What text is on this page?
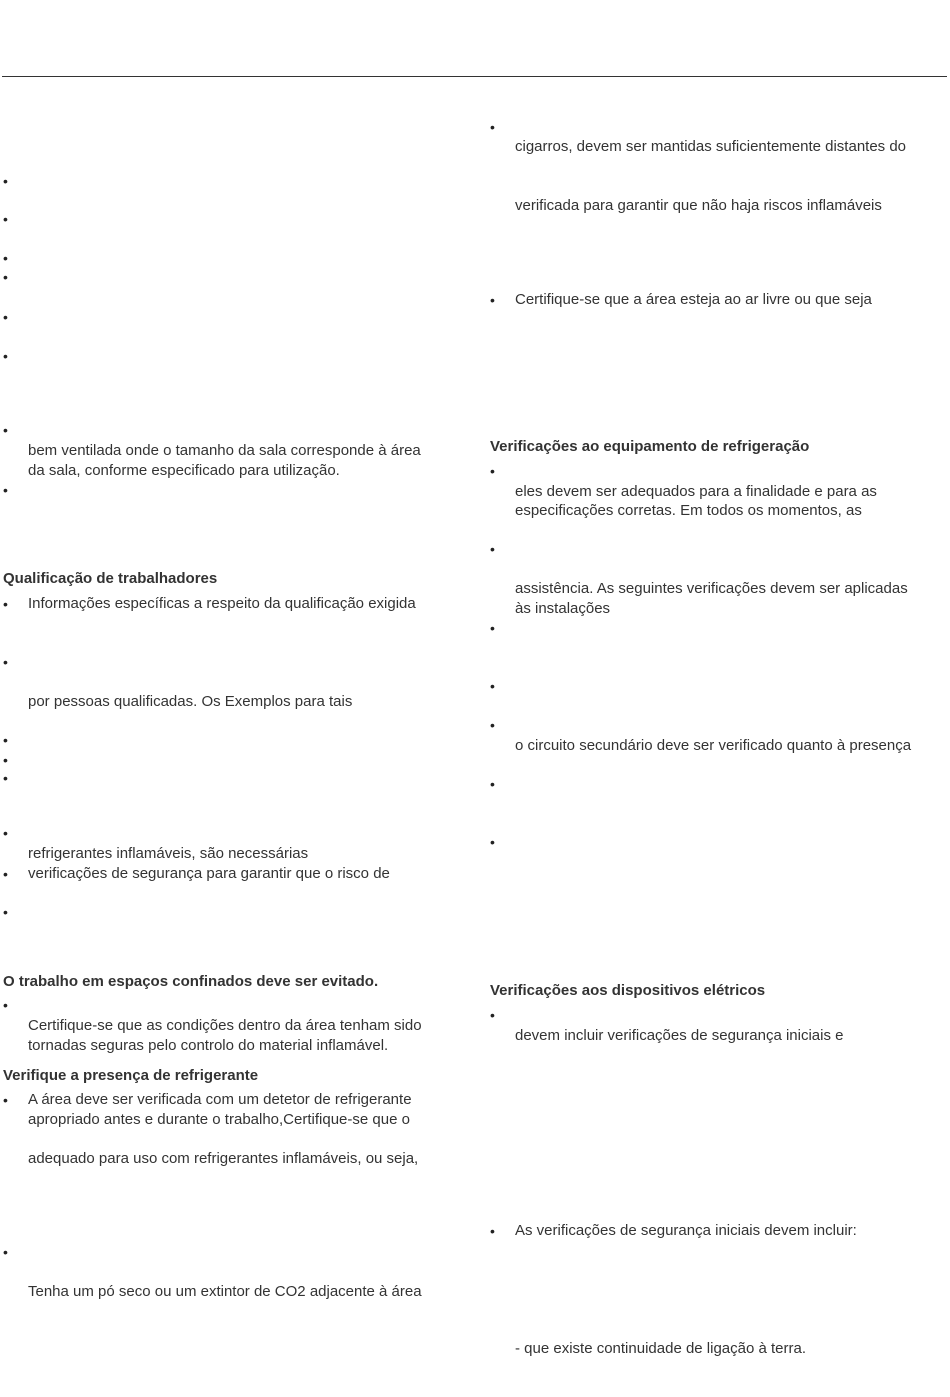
•
•
•
•
•
•
•
bem ventilada onde o tamanho da sala corresponde à área
da sala, conforme especificado para utilização.
•
Qualificação de trabalhadores
• Informações específicas a respeito da qualificação exigida
•
por pessoas qualificadas. Os Exemplos para tais
•
•
•
•
refrigerantes inflamáveis, são necessárias
• verificações de segurança para garantir que o risco de
•
O trabalho em espaços confinados deve ser evitado.
•
Certifique-se que as condições dentro da área tenham sido
tornadas seguras pelo controlo do material inflamável.
Verifique a presença de refrigerante
• A área deve ser verificada com um detetor de refrigerante
apropriado antes e durante o trabalho,Certifique-se que o
adequado para uso com refrigerantes inflamáveis, ou seja,
•
Tenha um pó seco ou um extintor de CO2 adjacente à área
•
cigarros, devem ser mantidas suficientemente distantes do
verificada para garantir que não haja riscos inflamáveis
• Certifique-se que a área esteja ao ar livre ou que seja
Verificações ao equipamento de refrigeração
•
eles devem ser adequados para a finalidade e para as
especificações corretas. Em todos os momentos, as
•
assistência. As seguintes verificações devem ser aplicadas
às instalações
•
•
•
o circuito secundário deve ser verificado quanto à presença
•
•
Verificações aos dispositivos elétricos
•
devem incluir verificações de segurança iniciais e
• As verificações de segurança iniciais devem incluir:
- que existe continuidade de ligação à terra.
